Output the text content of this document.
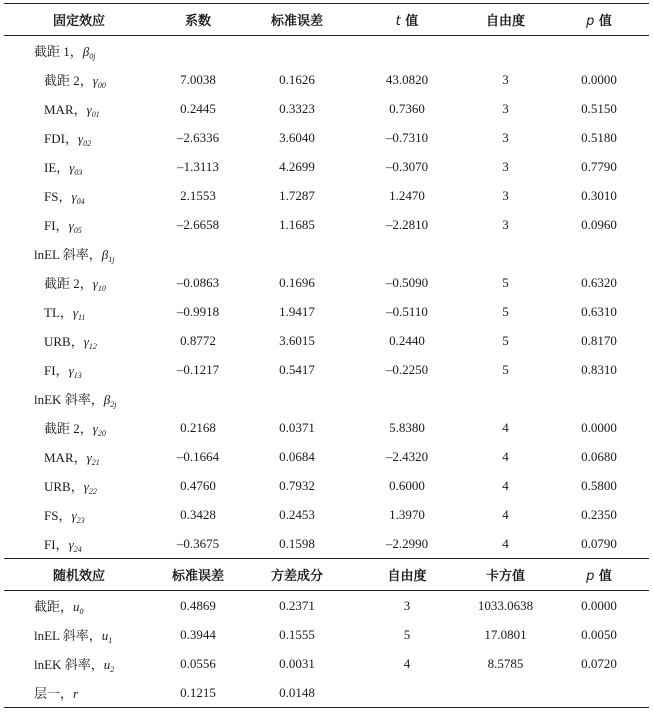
固定效应	系数	标准误差	t 值	自由度	p 值
截距 1，$\beta_{0j}$					
截距 2，$\gamma_{00}$	7.0038	0.1626	43.0820	3	0.0000
MAR，$\gamma_{01}$	0.2445	0.3323	0.7360	3	0.5150
FDI，$\gamma_{02}$	–2.6336	3.6040	–0.7310	3	0.5180
IE，$\gamma_{03}$	–1.3113	4.2699	–0.3070	3	0.7790
FS，$\gamma_{04}$	2.1553	1.7287	1.2470	3	0.3010
FI，$\gamma_{05}$	–2.6658	1.1685	–2.2810	3	0.0960
lnEL 斜率，$\beta_{1j}$					
截距 2，$\gamma_{10}$	–0.0863	0.1696	–0.5090	5	0.6320
TL，$\gamma_{11}$	–0.9918	1.9417	–0.5110	5	0.6310
URB，$\gamma_{12}$	0.8772	3.6015	0.2440	5	0.8170
FI，$\gamma_{13}$	–0.1217	0.5417	–0.2250	5	0.8310
lnEK 斜率，$\beta_{2j}$					
截距 2，$\gamma_{20}$	0.2168	0.0371	5.8380	4	0.0000
MAR，$\gamma_{21}$	–0.1664	0.0684	–2.4320	4	0.0680
URB，$\gamma_{22}$	0.4760	0.7932	0.6000	4	0.5800
FS，$\gamma_{23}$	0.3428	0.2453	1.3970	4	0.2350
FI，$\gamma_{24}$	–0.3675	0.1598	–2.2990	4	0.0790
随机效应	标准误差	方差成分	自由度	卡方值	p 值
截距，$u_0$	0.4869	0.2371	3	1033.0638	0.0000
lnEL 斜率，$u_1$	0.3944	0.1555	5	17.0801	0.0050
lnEK 斜率，$u_2$	0.0556	0.0031	4	8.5785	0.0720
层一，r	0.1215	0.0148			
